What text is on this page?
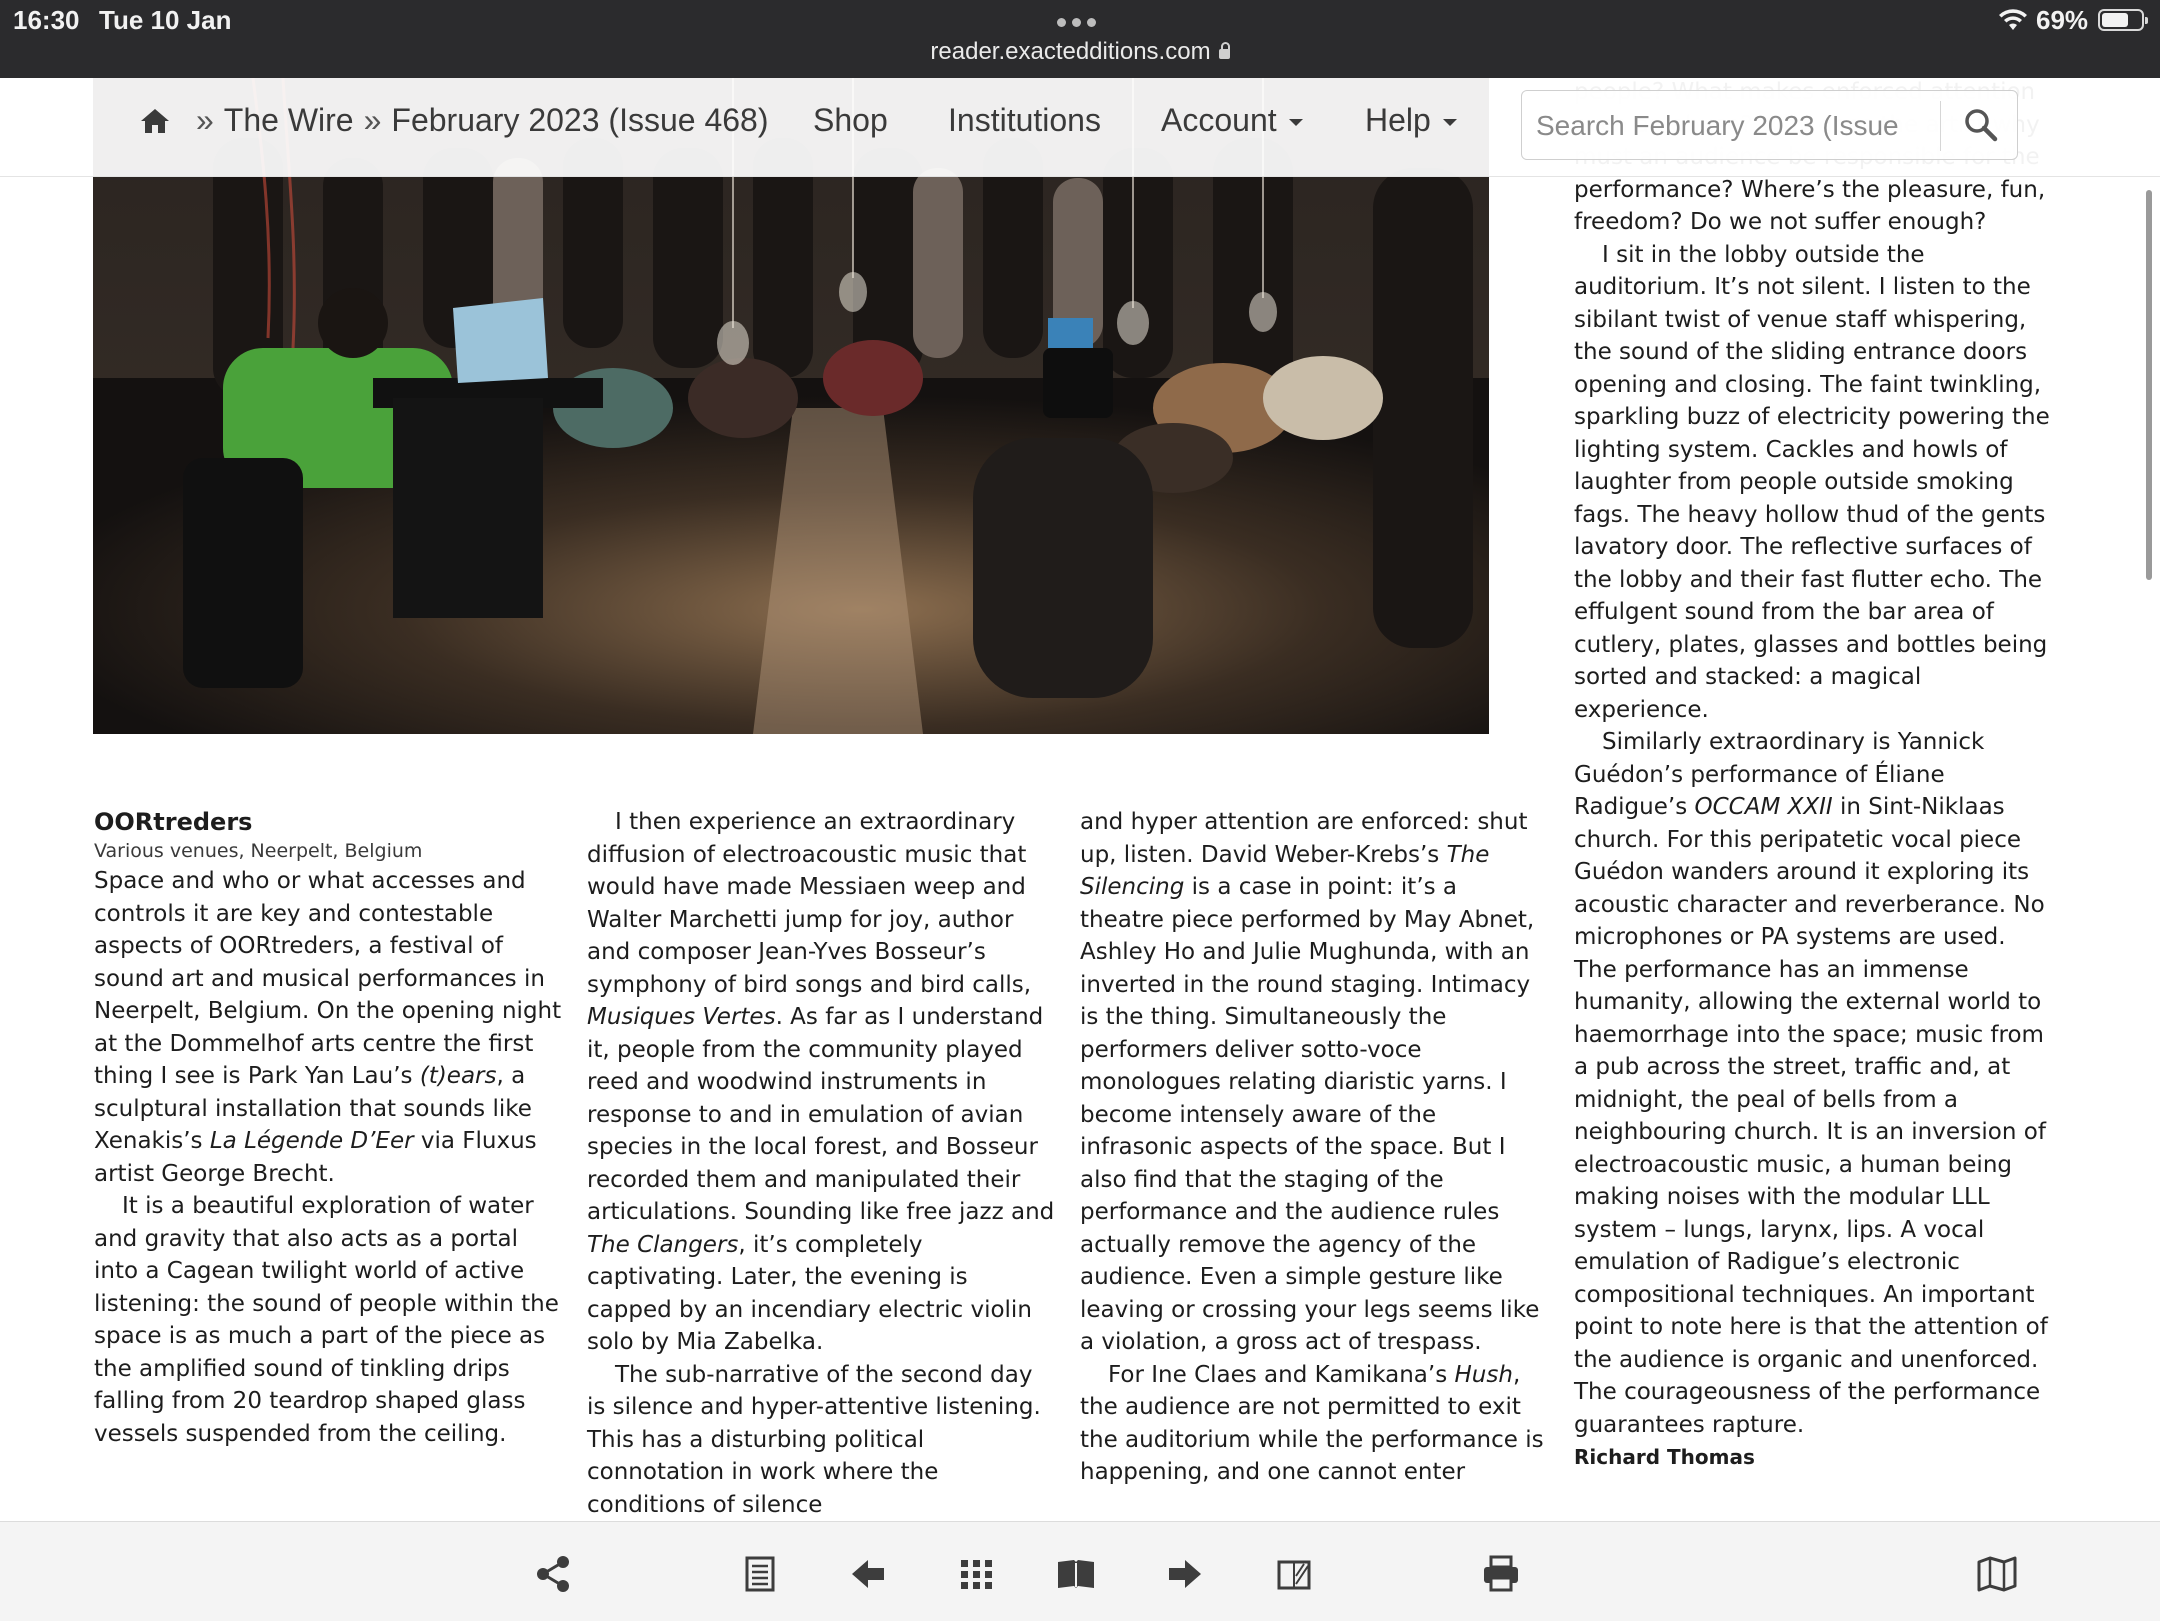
16:30 Tue 10 Jan
reader.exactedditions.com
69%
» The Wire » February 2023 (Issue 468) Shop Institutions Account	Help
Search February 2023 (Issue

OORtreders

Various venues, Neerpelt, Belgium

Space and who or what accesses and controls it are key and contestable aspects of OORtreders, a festival of sound art and musical performances in Neerpelt, Belgium. On the opening night at the Dommelhof arts centre the first thing I see is Park Yan Lau’s (t)ears, a sculptural installation that sounds like Xenakis’s La Légende D’Eer via Fluxus artist George Brecht.

It is a beautiful exploration of water and gravity that also acts as a portal into a Cagean twilight world of active listening: the sound of people within the space is as much a part of the piece as the amplified sound of tinkling drips falling from 20 teardrop shaped glass vessels suspended from the ceiling.

I then experience an extraordinary diffusion of electroacoustic music that would have made Messiaen weep and Walter Marchetti jump for joy, author and composer Jean-Yves Bosseur’s symphony of bird songs and bird calls, Musiques Vertes. As far as I understand it, people from the community played reed and woodwind instruments in response to and in emulation of avian species in the local forest, and Bosseur recorded them and manipulated their articulations. Sounding like free jazz and The Clangers, it’s completely captivating. Later, the evening is capped by an incendiary electric violin solo by Mia Zabelka.

The sub-narrative of the second day is silence and hyper-attentive listening. This has a disturbing political connotation in work where the conditions of silence

and hyper attention are enforced: shut up, listen. David Weber-Krebs’s The Silencing is a case in point: it’s a theatre piece performed by May Abnet, Ashley Ho and Julie Mughunda, with an inverted in the round staging. Intimacy is the thing. Simultaneously the performers deliver sotto-voce monologues relating diaristic yarns. I become intensely aware of the infrasonic aspects of the space. But I also find that the staging of the performance and the audience rules actually remove the agency of the audience. Even a simple gesture like leaving or crossing your legs seems like a violation, a gross act of trespass.

For Ine Claes and Kamikana’s Hush, the audience are not permitted to exit the auditorium while the performance is happening, and one cannot enter

performance? Where’s the pleasure, fun, freedom? Do we not suffer enough?

I sit in the lobby outside the auditorium. It’s not silent. I listen to the sibilant twist of venue staff whispering, the sound of the sliding entrance doors opening and closing. The faint twinkling, sparkling buzz of electricity powering the lighting system. Cackles and howls of laughter from people outside smoking fags. The heavy hollow thud of the gents lavatory door. The reflective surfaces of the lobby and their fast flutter echo. The effulgent sound from the bar area of cutlery, plates, glasses and bottles being sorted and stacked: a magical experience.

Similarly extraordinary is Yannick Guédon’s performance of Éliane Radigue’s OCCAM XXII in Sint-Niklaas church. For this peripatetic vocal piece Guédon wanders around it exploring its acoustic character and reverberance. No microphones or PA systems are used. The performance has an immense humanity, allowing the external world to haemorrhage into the space; music from a pub across the street, traffic and, at midnight, the peal of bells from a neighbouring church. It is an inversion of electroacoustic music, a human being making noises with the modular LLL system – lungs, larynx, lips. A vocal emulation of Radigue’s electronic compositional techniques. An important point to note here is that the attention of the audience is organic and unenforced. The courageousness of the performance guarantees rapture.

Richard Thomas
